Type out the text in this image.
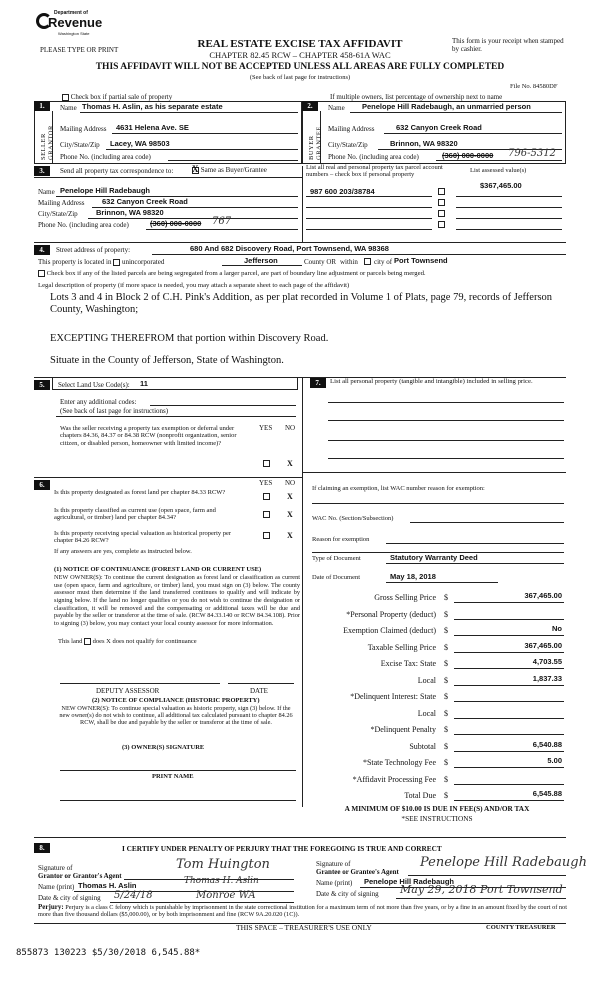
Department of
Revenue
Washington State
PLEASE TYPE OR PRINT	REAL ESTATE EXCISE TAX AFFIDAVIT
CHAPTER 82.45 RCW – CHAPTER 458-61A WAC
This form is your receipt when stamped by cashier.
THIS AFFIDAVIT WILL NOT BE ACCEPTED UNLESS ALL AREAS ARE FULLY COMPLETED
(See back of last page for instructions)
File No. 84580DF
Check box if partial sale of property	If multiple owners, list percentage of ownership next to name
1.	2.
SELLER GRANTOR	BUYER GRANTEE
Name Thomas H. Aslin, as his separate estate
Mailing Address 4631 Helena Ave. SE
City/State/Zip Lacey, WA 98503
Phone No. (including area code)
Name Penelope Hill Radebaugh, an unmarried person
Mailing Address	632 Canyon Creek Road
City/State/Zip	Brinnon, WA 98320
Phone No. (including area code)	(360) 000-0000 796-5312
3.	Send all property tax correspondence to: X Same as Buyer/Grantee	List all real and personal property tax parcel account numbers – check box if personal property
List assessed value(s)
$367,465.00
Name Penelope Hill Radebaugh
Mailing Address 632 Canyon Creek Road
City/State/Zip Brinnon, WA 98320
Phone No. (including area code)	(360) 000-0000 767
987 600 203/38784
4.	Street address of property:	680 And 682 Discovery Road, Port Townsend, WA 98368
This property is located in unincorporated	Jefferson	County OR within city of Port Townsend
Check box if any of the listed parcels are being segregated from a larger parcel, are part of boundary line adjustment or parcels being merged.
Legal description of property (if more space is needed, you may attach a separate sheet to each page of the affidavit)
Lots 3 and 4 in Block 2 of C.H. Pink's Addition, as per plat recorded in Volume 1 of Plats, page 79, records of Jefferson County, Washington;
EXCEPTING THEREFROM that portion within Discovery Road.
Situate in the County of Jefferson, State of Washington.
5.	Select Land Use Code(s): 11
Enter any additional codes:
(See back of last page for instructions)
YES NO
Was the seller receiving a property tax exemption or deferral under chapters 84.36, 84.37 or 84.38 RCW (nonprofit organization, senior citizen, or disabled person, homeowner with limited income)?
X
7.	List all personal property (tangible and intangible) included in selling price.
6.	YES NO
Is this property designated as forest land per chapter 84.33 RCW?	X
Is this property classified as current use (open space, farm and agricultural, or timber) land per chapter 84.34?	X
Is this property receiving special valuation as historical property per chapter 84.26 RCW?
X
If any answers are yes, complete as instructed below.
(1) NOTICE OF CONTINUANCE (FOREST LAND OR CURRENT USE)
NEW OWNER(S): To continue the current designation as forest land or classification as current use (open space, farm and agriculture, or timber) land, you must sign on (3) below. The county assessor must then determine if the land transferred continues to qualify and will indicate by signing below. If the land no longer qualifies or you do not wish to continue the designation or classification, it will be removed and the compensating or additional taxes will be due and payable by the seller or transferor at the time of sale. (RCW 84.33.140 or RCW 84.34.108). Prior to signing (3) below, you may contact your local county assessor for more information.
This land does X does not qualify for continuance
DEPUTY ASSESSOR	DATE
(2) NOTICE OF COMPLIANCE (HISTORIC PROPERTY)
NEW OWNER(S): To continue special valuation as historic property, sign (3) below. If the new owner(s) do not wish to continue, all additional tax calculated pursuant to chapter 84.26 RCW, shall be due and payable by the seller or transferor at the time of sale.
(3) OWNER(S) SIGNATURE
PRINT NAME
If claiming an exemption, list WAC number reason for exemption:
WAC No. (Section/Subsection)
Reason for exemption
Type of Document	Statutory Warranty Deed
Date of Document	May 18, 2018
Gross Selling Price $	367,465.00
*Personal Property (deduct) $
Exemption Claimed (deduct) $	No
Taxable Selling Price $	367,465.00
Excise Tax: State $	4,703.55
Local $	1,837.33
*Delinquent Interest: State $
Local $
*Delinquent Penalty $
Subtotal $	6,540.88
*State Technology Fee $	5.00
*Affidavit Processing Fee $
Total Due $	6,545.88
A MINIMUM OF $10.00 IS DUE IN FEE(S) AND/OR TAX
*SEE INSTRUCTIONS
8.	I CERTIFY UNDER PENALTY OF PERJURY THAT THE FOREGOING IS TRUE AND CORRECT
Signature of
Grantor or Grantor's Agent
Tom Huington
Name (print) Thomas H. Aslin	Thomas H. Aslin
Date & city of signing 5/24/18	Monroe WA
Signature of
Grantee or Grantee's Agent
Penelope Hill Radebaugh
Name (print) Penelope Hill Radebaugh
Date & city of signing May 29, 2018 Port Townsend
Perjury: Perjury is a class C felony which is punishable by imprisonment in the state correctional institution for a maximum term of not more than five years, or by a fine in an amount fixed by the court of not more than five thousand dollars ($5,000.00), or by both imprisonment and fine (RCW 9A.20.020 (1C)).
THIS SPACE – TREASURER'S USE ONLY	COUNTY TREASURER
855873 130223 $5/30/2018 6,545.88*
